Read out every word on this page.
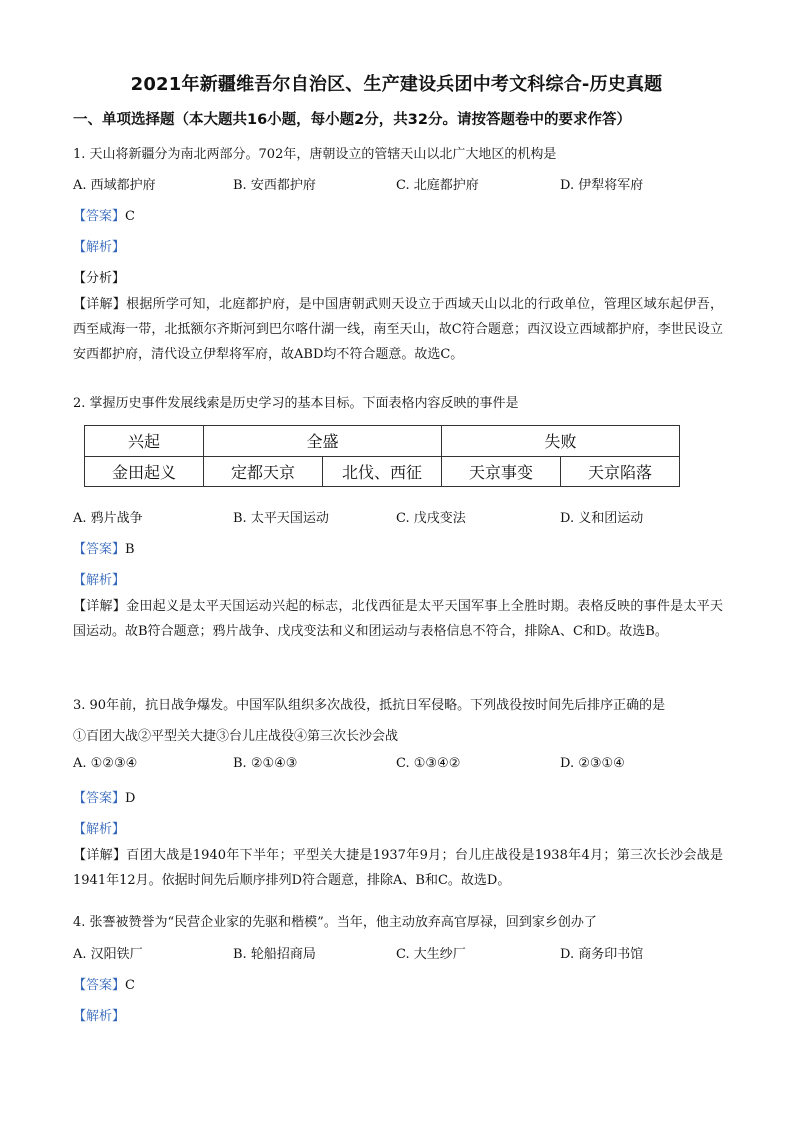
2021年新疆维吾尔自治区、生产建设兵团中考文科综合-历史真题
一、单项选择题（本大题共16小题，每小题2分，共32分。请按答题卷中的要求作答）
1. 天山将新疆分为南北两部分。702年，唐朝设立的管辖天山以北广大地区的机构是
A. 西域都护府	B. 安西都护府	C. 北庭都护府	D. 伊犁将军府
【答案】C
【解析】
【分析】
【详解】根据所学可知，北庭都护府，是中国唐朝武则天设立于西域天山以北的行政单位，管理区域东起伊吾，西至咸海一带，北抵额尔齐斯河到巴尔喀什湖一线，南至天山，故C符合题意；西汉设立西域都护府，李世民设立安西都护府，清代设立伊犁将军府，故ABD均不符合题意。故选C。
2. 掌握历史事件发展线索是历史学习的基本目标。下面表格内容反映的事件是
兴起	全盛		失败	
金田起义	定都天京	北伐、西征	天京事变	天京陷落
A. 鸦片战争	B. 太平天国运动	C. 戊戌变法	D. 义和团运动
【答案】B
【解析】
【详解】金田起义是太平天国运动兴起的标志，北伐西征是太平天国军事上全胜时期。表格反映的事件是太平天国运动。故B符合题意；鸦片战争、戊戌变法和义和团运动与表格信息不符合，排除A、C和D。故选B。
3. 90年前，抗日战争爆发。中国军队组织多次战役，抵抗日军侵略。下列战役按时间先后排序正确的是
①百团大战②平型关大捷③台儿庄战役④第三次长沙会战
A. ①②③④	B. ②①④③	C. ①③④②	D. ②③①④
【答案】D
【解析】
【详解】百团大战是1940年下半年；平型关大捷是1937年9月；台儿庄战役是1938年4月；第三次长沙会战是1941年12月。依据时间先后顺序排列D符合题意，排除A、B和C。故选D。
4. 张謇被赞誉为“民营企业家的先驱和楷模”。当年，他主动放弃高官厚禄，回到家乡创办了
A. 汉阳铁厂	B. 轮船招商局	C. 大生纱厂	D. 商务印书馆
【答案】C
【解析】
